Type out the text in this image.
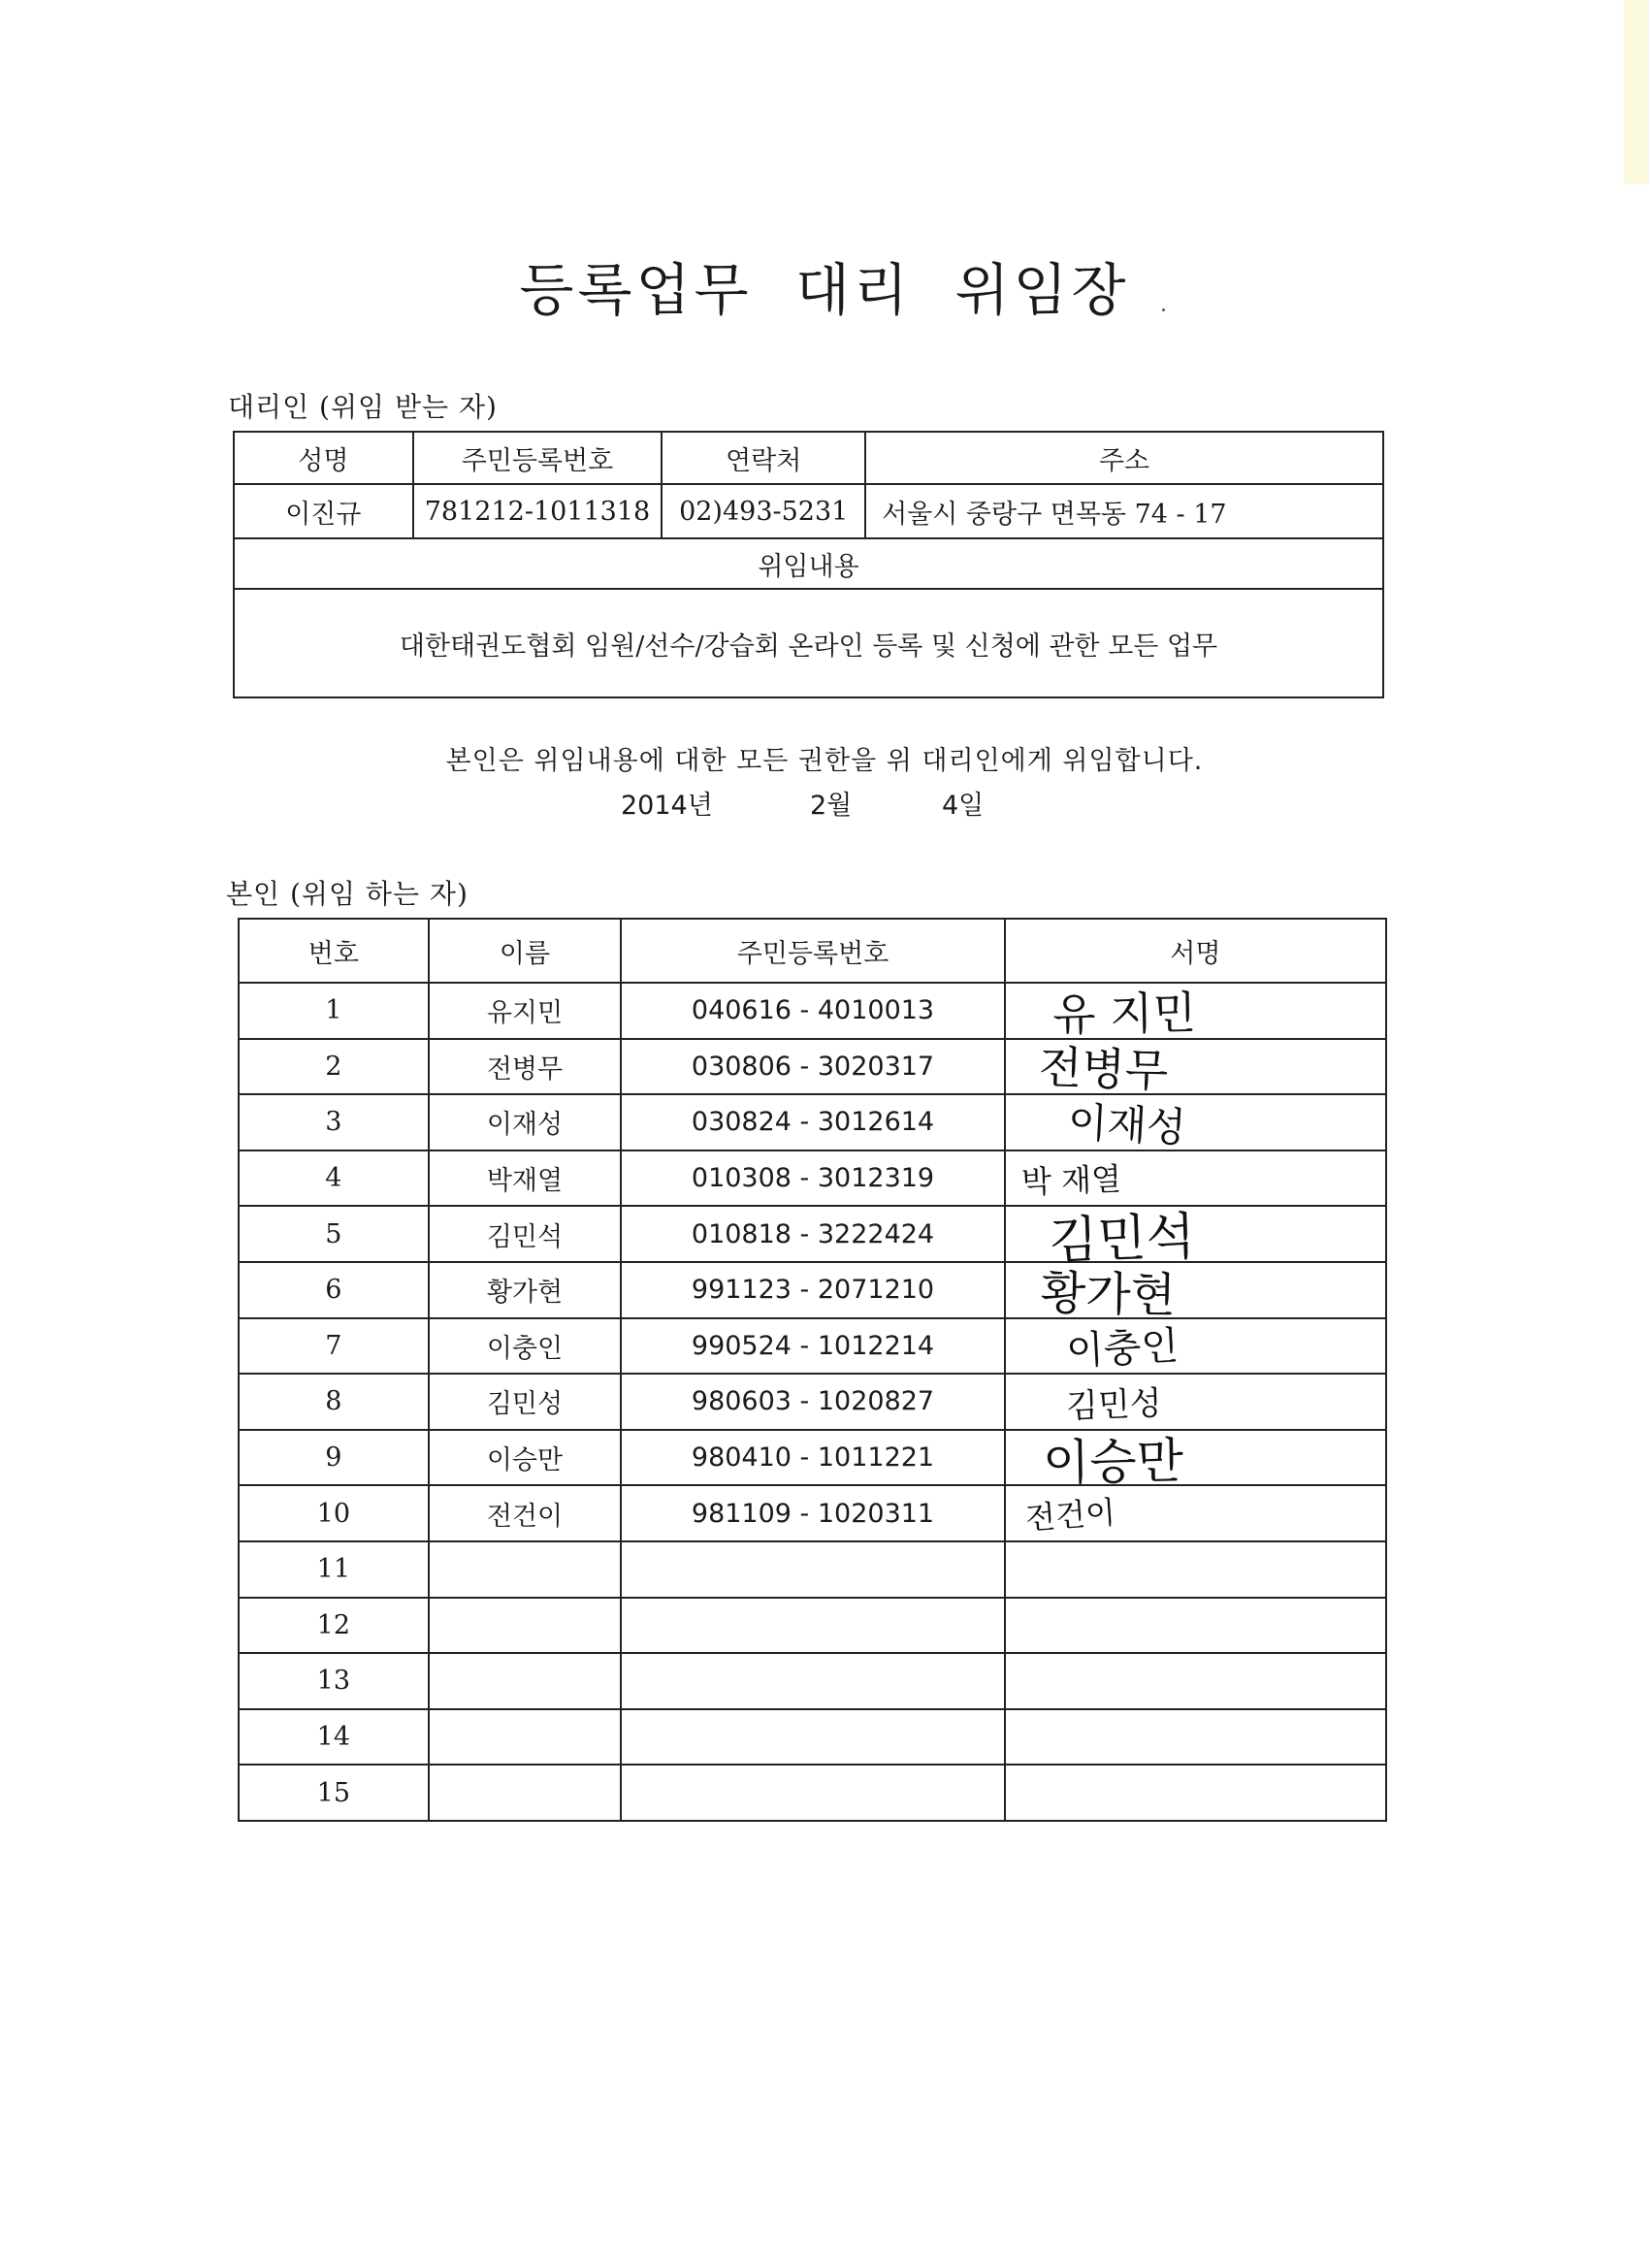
등록업무 대리 위임장
대리인 (위임 받는 자)
성명	주민등록번호	연락처	주소
이진규	781212-1011318	02)493-5231	서울시 중랑구 면목동 74 - 17
위임내용			
대한태권도협회 임원/선수/강습회 온라인 등록 및 신청에 관한 모든 업무			
본인은 위임내용에 대한 모든 권한을 위 대리인에게 위임합니다.
2014년	2월	4일
본인 (위임 하는 자)
번호	이름	주민등록번호	서명
1	유지민	040616 - 4010013	유 지민

2	전병무	030806 - 3020317	전병무

3	이재성	030824 - 3012614	이재성

4	박재열	010308 - 3012319	박 재열

5	김민석	010818 - 3222424	김민석

6	황가현	991123 - 2071210	황가현

7	이충인	990524 - 1012214	이충인

8	김민성	980603 - 1020827	김민성

9	이승만	980410 - 1011221	이승만

10	전건이	981109 - 1020311	전건이

11			

12			

13			

14			

15			
